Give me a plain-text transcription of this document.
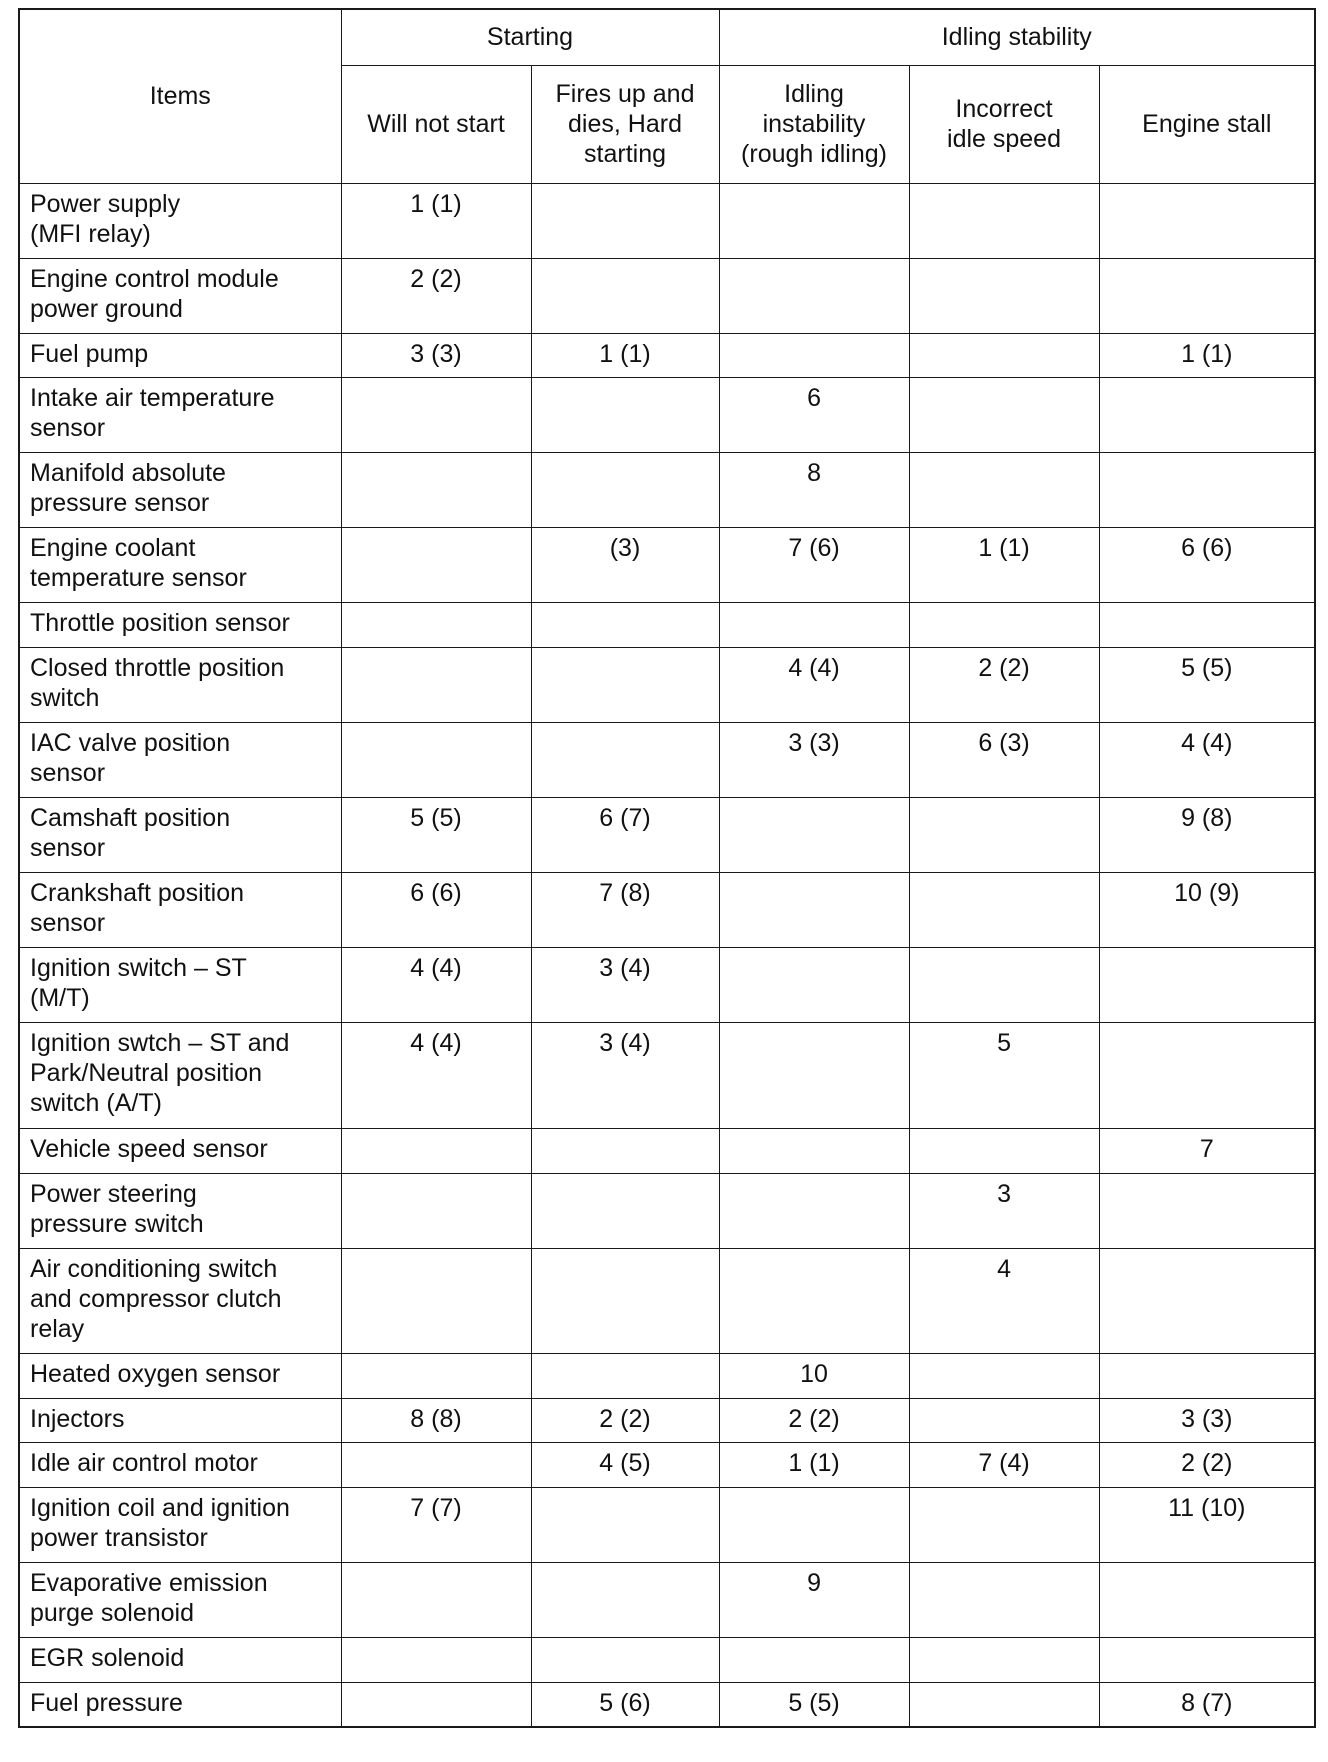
Items	Starting		Idling stability		
	Will not start	Fires up and
dies, Hard
starting	Idling
instability
(rough idling)	Incorrect
idle speed	Engine stall
Power supply
(MFI relay)	1 (1)				
Engine control module
power ground	2 (2)				
Fuel pump	3 (3)	1 (1)			1 (1)
Intake air temperature
sensor			6		
Manifold absolute
pressure sensor			8		
Engine coolant
temperature sensor		(3)	7 (6)	1 (1)	6 (6)
Throttle position sensor					
Closed throttle position
switch			4 (4)	2 (2)	5 (5)
IAC valve position
sensor			3 (3)	6 (3)	4 (4)
Camshaft position
sensor	5 (5)	6 (7)			9 (8)
Crankshaft position
sensor	6 (6)	7 (8)			10 (9)
Ignition switch – ST
(M/T)	4 (4)	3 (4)			
Ignition swtch – ST and
Park/Neutral position
switch (A/T)	4 (4)	3 (4)		5	
Vehicle speed sensor					7
Power steering
pressure switch				3	
Air conditioning switch
and compressor clutch
relay				4	
Heated oxygen sensor			10		
Injectors	8 (8)	2 (2)	2 (2)		3 (3)
Idle air control motor		4 (5)	1 (1)	7 (4)	2 (2)
Ignition coil and ignition
power transistor	7 (7)				11 (10)
Evaporative emission
purge solenoid			9		
EGR solenoid					
Fuel pressure		5 (6)	5 (5)		8 (7)
